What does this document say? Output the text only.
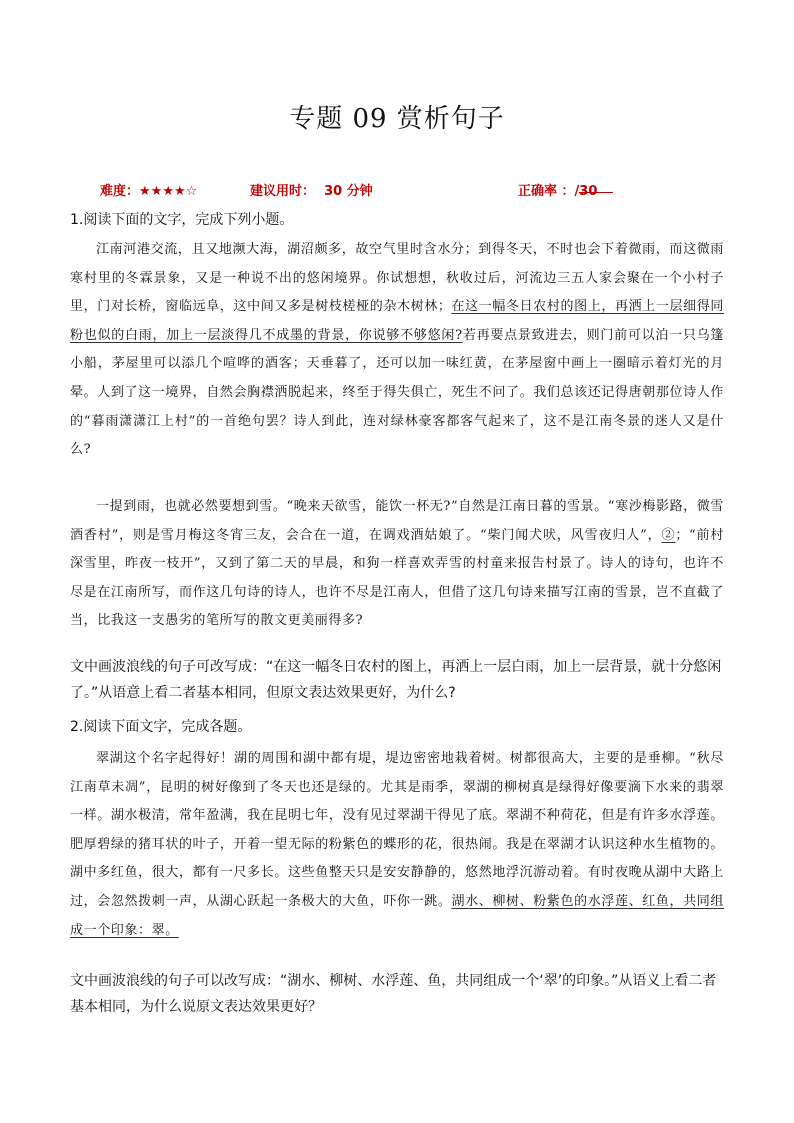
专题 09 赏析句子
难度：★★★★☆	建议用时： 30 分钟	正确率 ：
/30
1.阅读下面的文字，完成下列小题。
江南河港交流，且又地濒大海，湖沼颇多，故空气里时含水分；到得冬天，不时也会下着微雨，而这微雨寒村里的冬霖景象，又是一种说不出的悠闲境界。你试想想，秋收过后，河流边三五人家会聚在一个小村子里，门对长桥，窗临远阜，这中间又多是树枝槎桠的杂木树林；在这一幅冬日农村的图上，再洒上一层细得同粉也似的白雨，加上一层淡得几不成墨的背景，你说够不够悠闲?若再要点景致进去，则门前可以泊一只乌篷小船，茅屋里可以添几个喧哗的酒客；天垂暮了，还可以加一味红黄，在茅屋窗中画上一圈暗示着灯光的月晕。人到了这一境界，自然会胸襟洒脱起来，终至于得失俱亡，死生不问了。我们总该还记得唐朝那位诗人作的“暮雨潇潇江上村”的一首绝句罢？诗人到此，连对绿林豪客都客气起来了，这不是江南冬景的迷人又是什么?
一提到雨，也就必然要想到雪。“晚来天欲雪，能饮一杯无?”自然是江南日暮的雪景。“寒沙梅影路，微雪酒香村”，则是雪月梅这冬宵三友，会合在一道，在调戏酒姑娘了。“柴门闻犬吠，风雪夜归人”，②；“前村深雪里，昨夜一枝开”，又到了第二天的早晨，和狗一样喜欢弄雪的村童来报告村景了。诗人的诗句，也许不尽是在江南所写，而作这几句诗的诗人，也许不尽是江南人，但借了这几句诗来描写江南的雪景，岂不直截了当，比我这一支愚劣的笔所写的散文更美丽得多?
文中画波浪线的句子可改写成：“在这一幅冬日农村的图上，再洒上一层白雨，加上一层背景，就十分悠闲了。”从语意上看二者基本相同，但原文表达效果更好，为什么?
2.阅读下面文字，完成各题。
翠湖这个名字起得好！湖的周围和湖中都有堤，堤边密密地栽着树。树都很高大，主要的是垂柳。“秋尽江南草未凋”，昆明的树好像到了冬天也还是绿的。尤其是雨季，翠湖的柳树真是绿得好像要滴下水来的翡翠一样。湖水极清，常年盈满，我在昆明七年，没有见过翠湖干得见了底。翠湖不种荷花，但是有许多水浮莲。肥厚碧绿的猪耳状的叶子，开着一望无际的粉紫色的蝶形的花，很热闹。我是在翠湖才认识这种水生植物的。湖中多红鱼，很大，都有一尺多长。这些鱼整天只是安安静静的，悠然地浮沉游动着。有时夜晚从湖中大路上过，会忽然拨刺一声，从湖心跃起一条极大的大鱼，吓你一跳。湖水、柳树、粉紫色的水浮莲、红鱼，共同组成一个印象：翠。
文中画波浪线的句子可以改写成：“湖水、柳树、水浮莲、鱼，共同组成一个‘翠’的印象。”从语义上看二者基本相同，为什么说原文表达效果更好？
